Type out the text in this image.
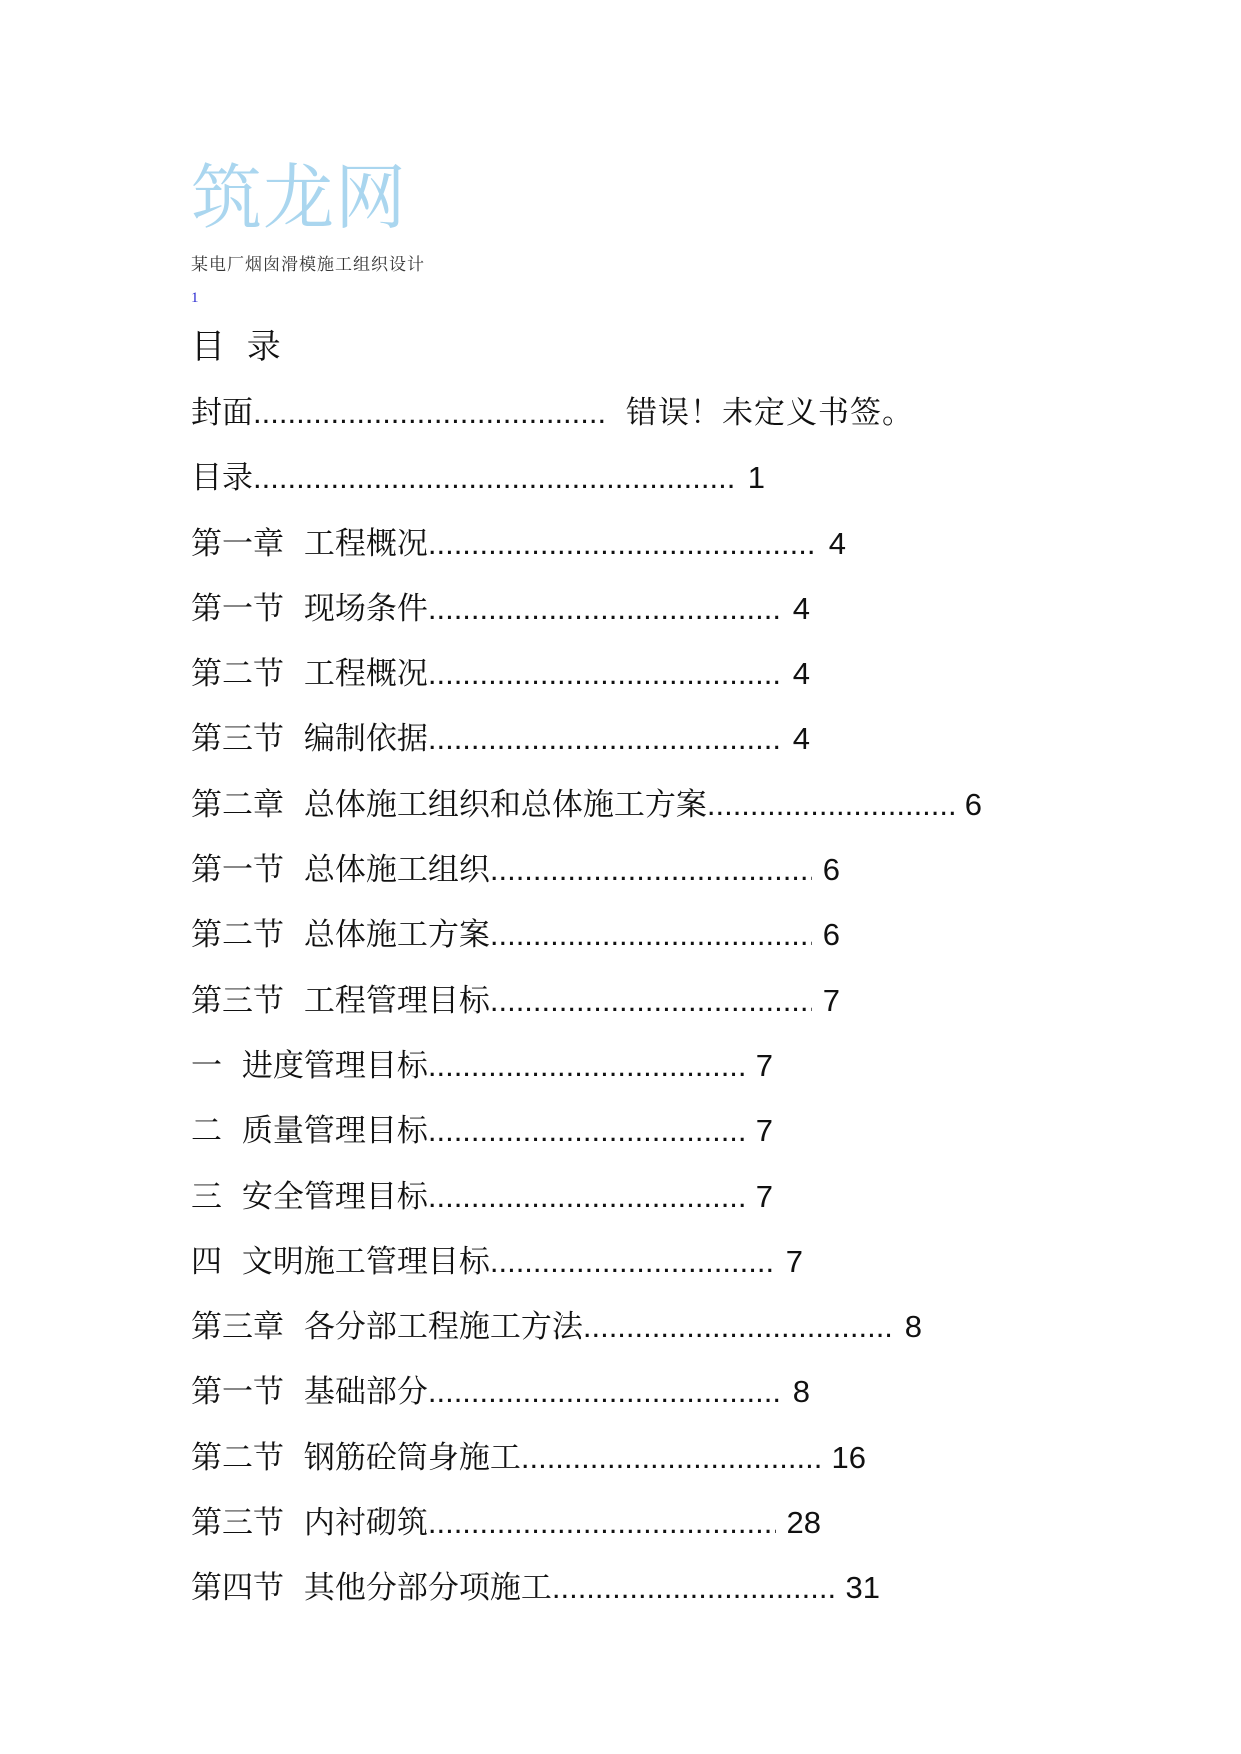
筑龙网
某电厂烟囱滑模施工组织设计
1
目 录
封面 .....	错误！未定义书签。
目录 .....	1
第一章 工程概况 .....	4
第一节 现场条件 .....	4
第二节 工程概况 .....	4
第三节 编制依据 .....	4
第二章 总体施工组织和总体施工方案 .....	6
第一节 总体施工组织 .....	6
第二节 总体施工方案 .....	6
第三节 工程管理目标 .....	7
一 进度管理目标 .....	7
二 质量管理目标 .....	7
三 安全管理目标 .....	7
四 文明施工管理目标 .....	7
第三章 各分部工程施工方法 .....	8
第一节 基础部分 .....	8
第二节 钢筋砼筒身施工 .....	16
第三节 内衬砌筑 .....	28
第四节 其他分部分项施工 .....	31
